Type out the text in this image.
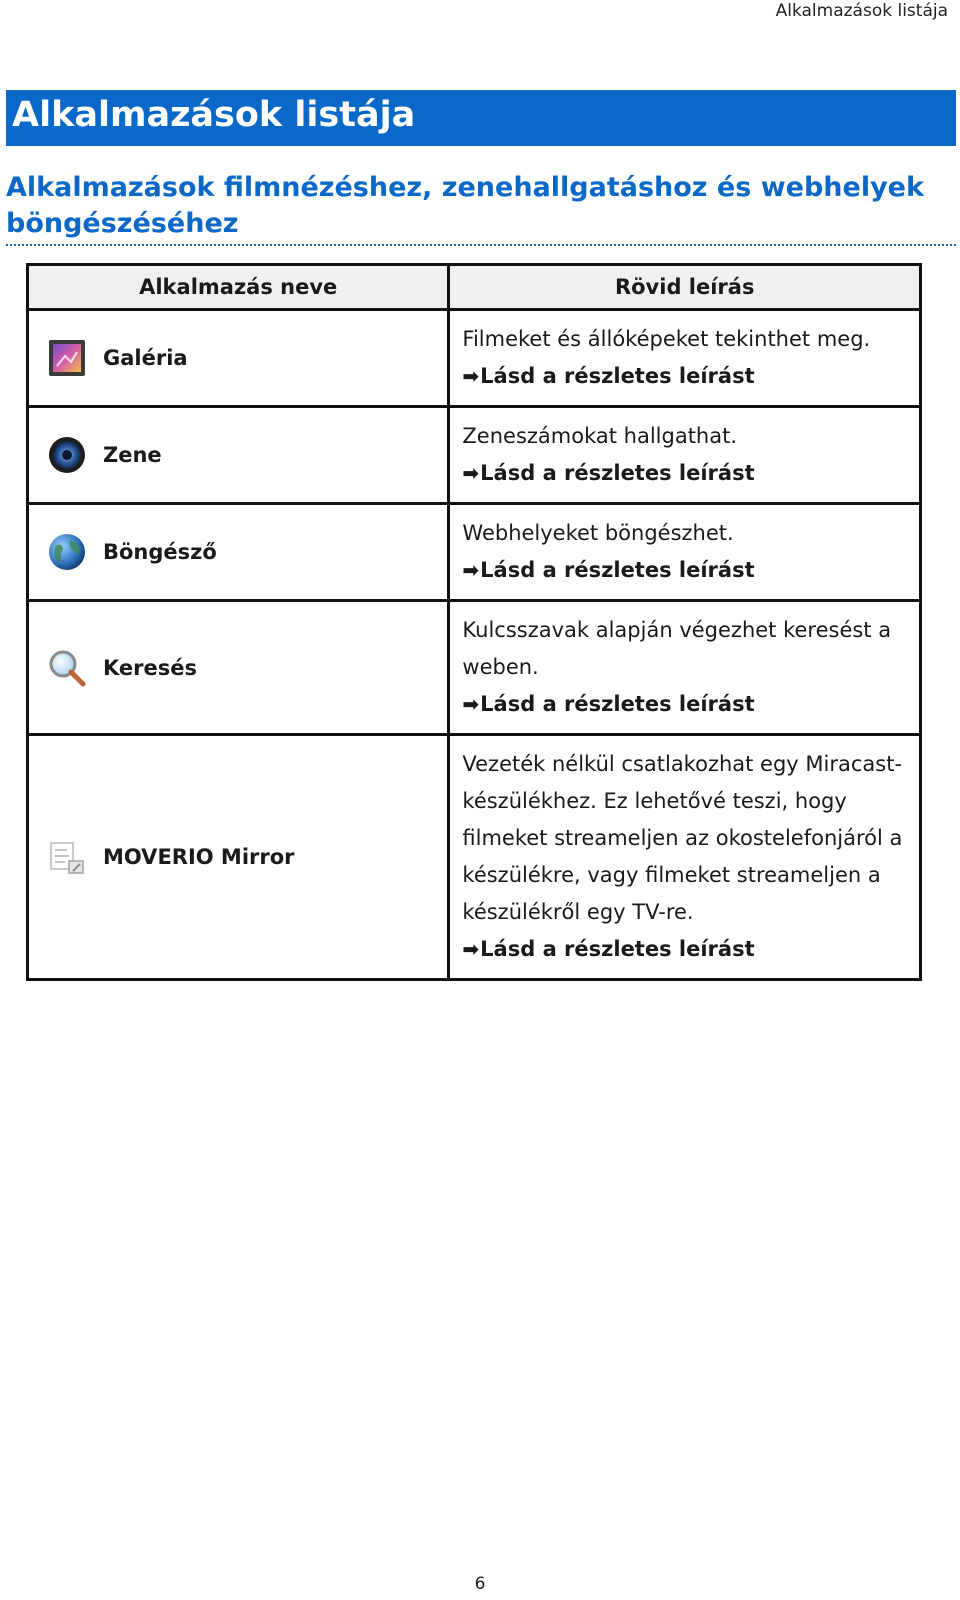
Alkalmazások listája
Alkalmazások listája
Alkalmazások filmnézéshez, zenehallgatáshoz és webhelyek böngészéséhez
Alkalmazás neve	Rövid leírás

Galéria	Filmeket és állóképeket tekinthet meg.
➡ Lásd a részletes leírást

Zene	Zeneszámokat hallgathat.
➡ Lásd a részletes leírást

Böngésző	Webhelyeket böngészhet.
➡ Lásd a részletes leírást

Keresés	Kulcsszavak alapján végezhet keresést a weben.
➡ Lásd a részletes leírást

MOVERIO Mirror	Vezeték nélkül csatlakozhat egy Miracast-készülékhez. Ez lehetővé teszi, hogy filmeket streameljen az okostelefonjáról a készülékre, vagy filmeket streameljen a készülékről egy TV-re.
➡ Lásd a részletes leírást
6
